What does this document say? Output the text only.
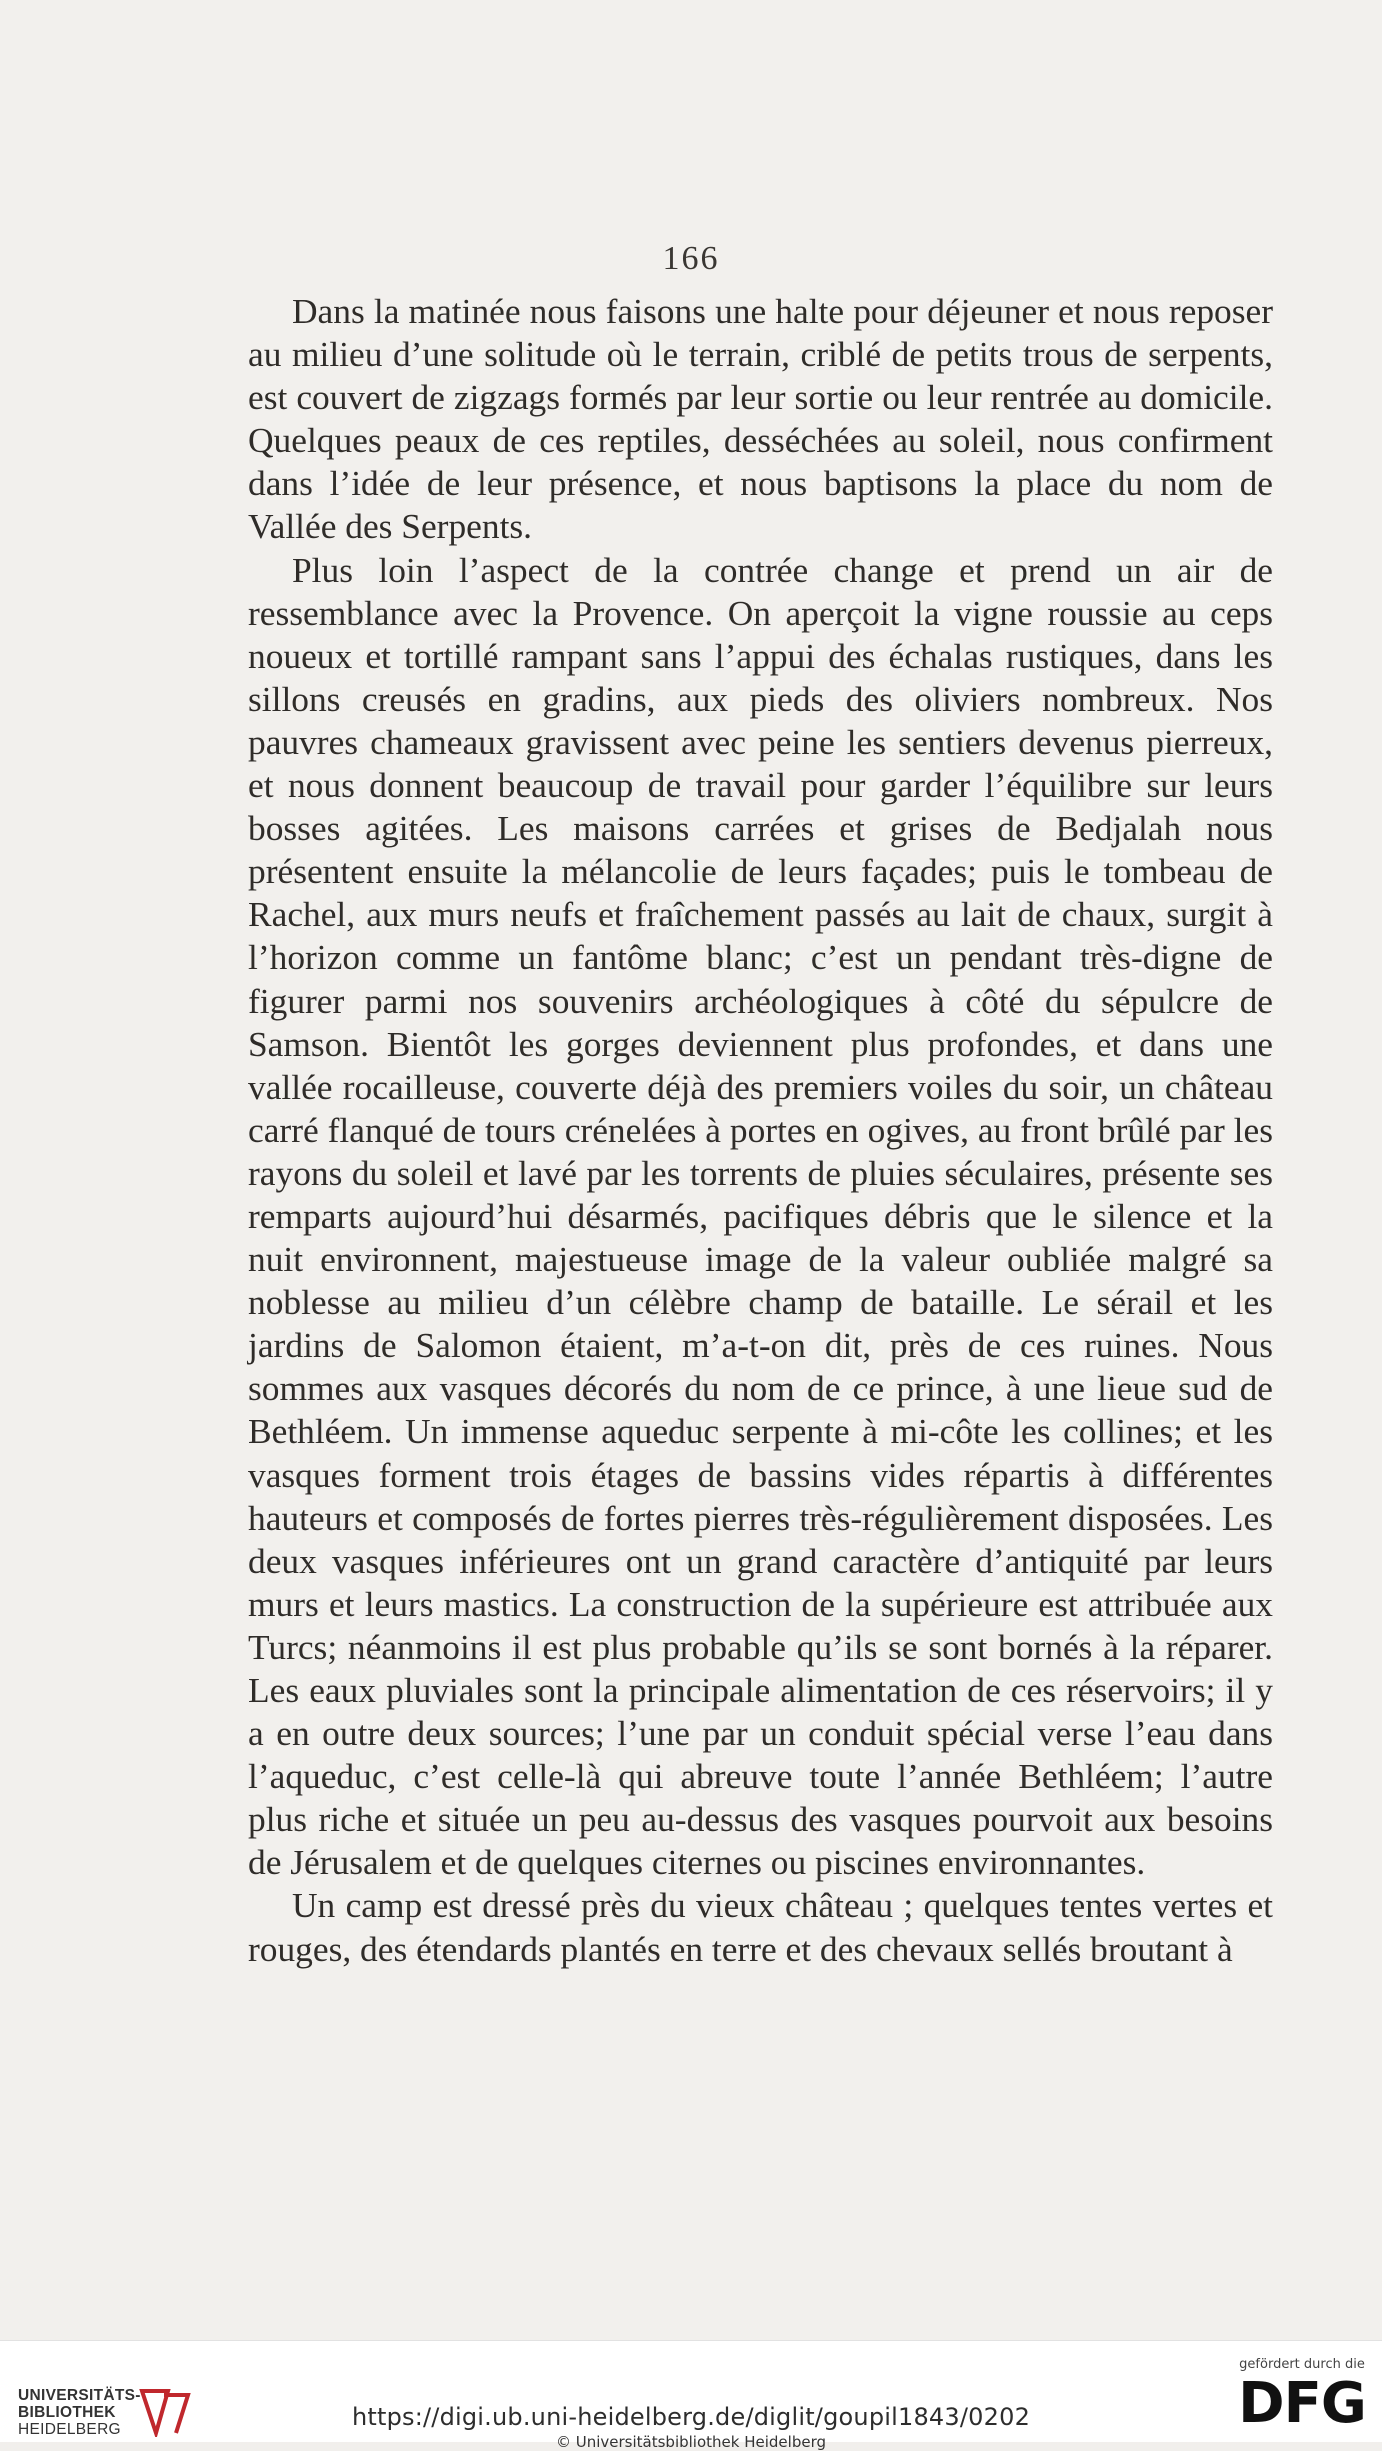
166

Dans la matinée nous faisons une halte pour déjeuner et nous reposer au milieu d’une solitude où le terrain, criblé de petits trous de serpents, est couvert de zigzags formés par leur sortie ou leur rentrée au domicile. Quelques peaux de ces reptiles, desséchées au soleil, nous confirment dans l’idée de leur présence, et nous baptisons la place du nom de Vallée des Serpents.

Plus loin l’aspect de la contrée change et prend un air de ressemblance avec la Provence. On aperçoit la vigne roussie au ceps noueux et tortillé rampant sans l’appui des échalas rustiques, dans les sillons creusés en gradins, aux pieds des oliviers nombreux. Nos pauvres chameaux gravissent avec peine les sentiers devenus pierreux, et nous donnent beaucoup de travail pour garder l’équilibre sur leurs bosses agitées. Les maisons carrées et grises de Bedjalah nous présentent ensuite la mélancolie de leurs façades; puis le tombeau de Rachel, aux murs neufs et fraîchement passés au lait de chaux, surgit à l’horizon comme un fantôme blanc; c’est un pendant très-digne de figurer parmi nos souvenirs archéologiques à côté du sépulcre de Samson. Bientôt les gorges deviennent plus profondes, et dans une vallée rocailleuse, couverte déjà des premiers voiles du soir, un château carré flanqué de tours crénelées à portes en ogives, au front brûlé par les rayons du soleil et lavé par les torrents de pluies séculaires, présente ses remparts aujourd’hui désarmés, pacifiques débris que le silence et la nuit environnent, majestueuse image de la valeur oubliée malgré sa noblesse au milieu d’un célèbre champ de bataille. Le sérail et les jardins de Salomon étaient, m’a-t-on dit, près de ces ruines. Nous sommes aux vasques décorés du nom de ce prince, à une lieue sud de Bethléem. Un immense aqueduc serpente à mi-côte les collines; et les vasques forment trois étages de bassins vides répartis à différentes hauteurs et composés de fortes pierres très-régulièrement disposées. Les deux vasques inférieures ont un grand caractère d’antiquité par leurs murs et leurs mastics. La construction de la supérieure est attribuée aux Turcs; néanmoins il est plus probable qu’ils se sont bornés à la réparer. Les eaux pluviales sont la principale alimentation de ces réservoirs; il y a en outre deux sources; l’une par un conduit spécial verse l’eau dans l’aqueduc, c’est celle-là qui abreuve toute l’année Bethléem; l’autre plus riche et située un peu au-dessus des vasques pourvoit aux besoins de Jérusalem et de quelques citernes ou piscines environnantes.

Un camp est dressé près du vieux château ; quelques tentes vertes et rouges, des étendards plantés en terre et des chevaux sellés broutant à

UNIVERSITÄTS-
BIBLIOTHEK
HEIDELBERG	https://digi.ub.uni-heidelberg.de/diglit/goupil1843/0202
© Universitätsbibliothek Heidelberg
gefördert durch die
DFG
